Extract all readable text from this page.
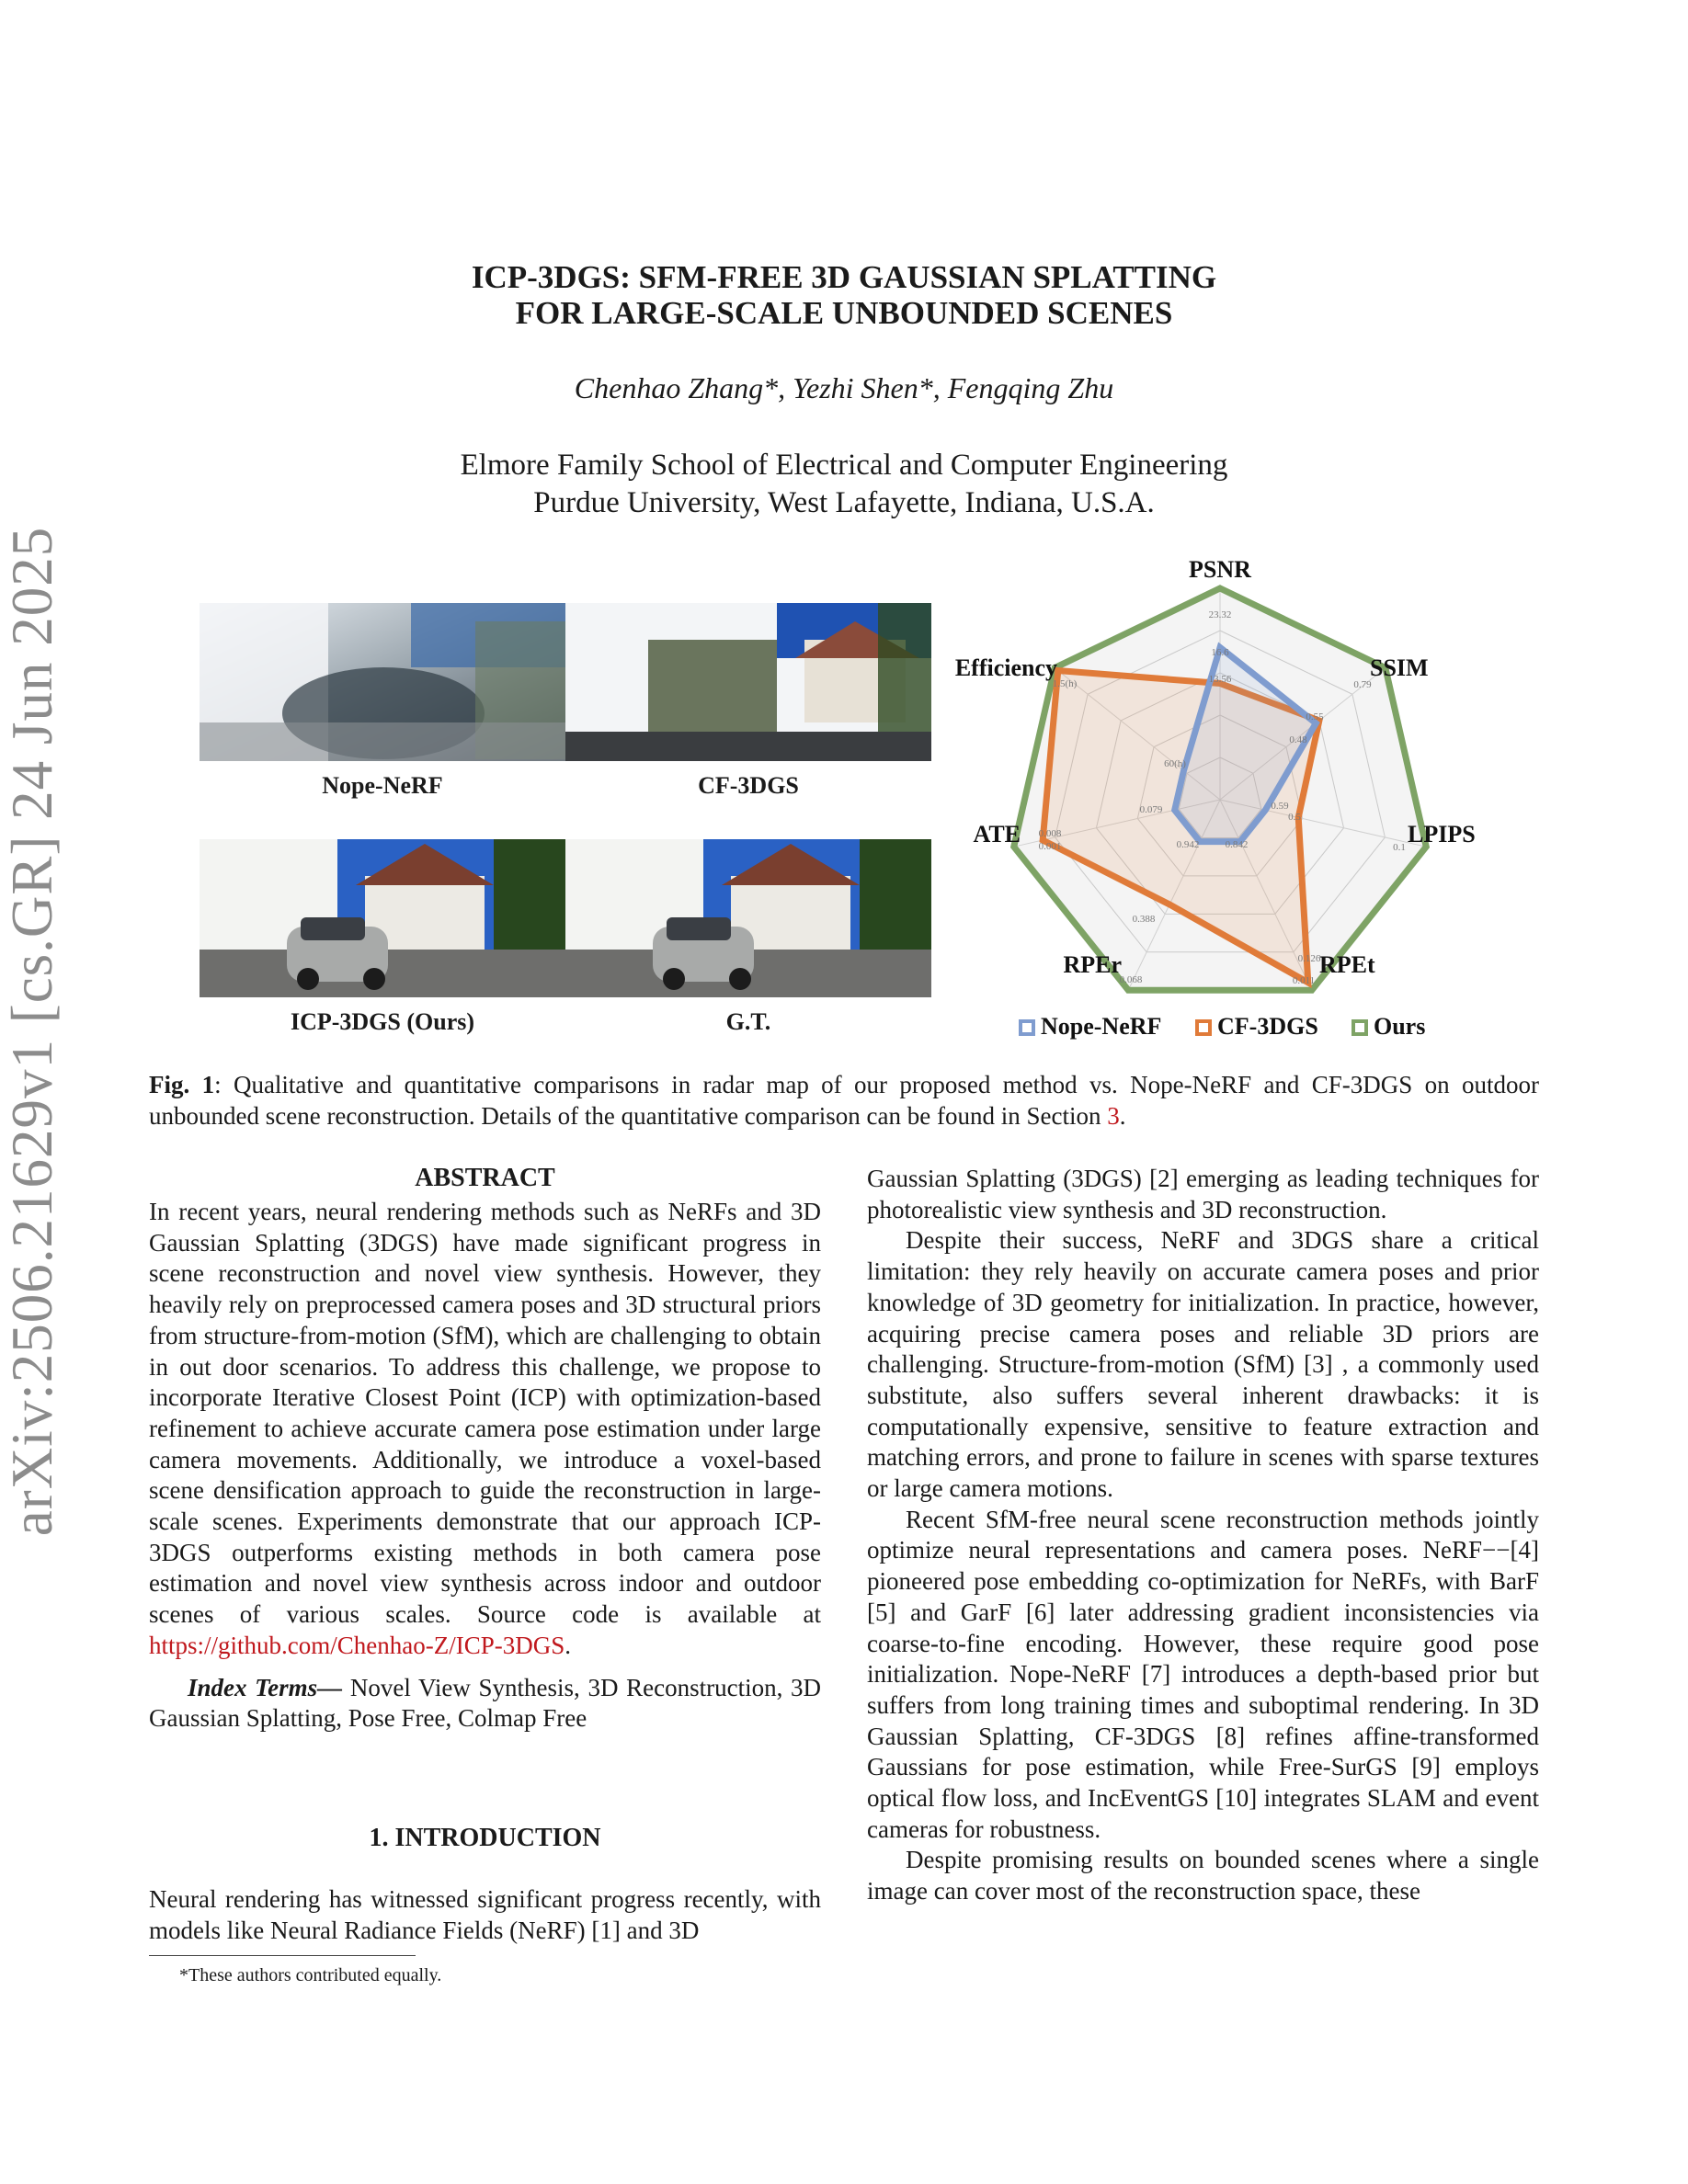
arXiv:2506.21629v1 [cs.GR] 24 Jun 2025
ICP-3DGS: SFM-FREE 3D GAUSSIAN SPLATTING
FOR LARGE-SCALE UNBOUNDED SCENES
Chenhao Zhang*, Yezhi Shen*, Fengqing Zhu
Elmore Family School of Electrical and Computer Engineering
Purdue University, West Lafayette, Indiana, U.S.A.
Nope-NeRF	CF-3DGS
ICP-3DGS (Ours)	G.T.
23.32
16.6
13.56	0.79
0.55
0.48
0.1
0.5
0.59
0.126
0.011
0.388
0.068
0.008
0.001
0.079
1.5(h)
60(h)
0.942	0.842
PSNR
SSIM
LPIPS
RPEt
RPEr
ATE
Efficiency
Nope-NeRF CF-3DGS Ours
Fig. 1: Qualitative and quantitative comparisons in radar map of our proposed method vs. Nope-NeRF and CF-3DGS on outdoor unbounded scene reconstruction. Details of the quantitative comparison can be found in Section 3.
ABSTRACT

In recent years, neural rendering methods such as NeRFs and 3D Gaussian Splatting (3DGS) have made significant progress in scene reconstruction and novel view synthesis. However, they heavily rely on preprocessed camera poses and 3D structural priors from structure-from-motion (SfM), which are challenging to obtain in out door scenarios. To address this challenge, we propose to incorporate Iterative Closest Point (ICP) with optimization-based refinement to achieve accurate camera pose estimation under large camera movements. Additionally, we introduce a voxel-based scene densification approach to guide the reconstruction in large-scale scenes. Experiments demonstrate that our approach ICP-3DGS outperforms existing methods in both camera pose estimation and novel view synthesis across indoor and outdoor scenes of various scales. Source code is available at https://github.com/Chenhao-Z/ICP-3DGS.

Index Terms— Novel View Synthesis, 3D Reconstruction, 3D Gaussian Splatting, Pose Free, Colmap Free

1. INTRODUCTION

Neural rendering has witnessed significant progress recently, with models like Neural Radiance Fields (NeRF) [1] and 3D

*These authors contributed equally.

Gaussian Splatting (3DGS) [2] emerging as leading techniques for photorealistic view synthesis and 3D reconstruction.

Despite their success, NeRF and 3DGS share a critical limitation: they rely heavily on accurate camera poses and prior knowledge of 3D geometry for initialization. In practice, however, acquiring precise camera poses and reliable 3D priors are challenging. Structure-from-motion (SfM) [3] , a commonly used substitute, also suffers several inherent drawbacks: it is computationally expensive, sensitive to feature extraction and matching errors, and prone to failure in scenes with sparse textures or large camera motions.

Recent SfM-free neural scene reconstruction methods jointly optimize neural representations and camera poses. NeRF−−[4] pioneered pose embedding co-optimization for NeRFs, with BarF [5] and GarF [6] later addressing gradient inconsistencies via coarse-to-fine encoding. However, these require good pose initialization. Nope-NeRF [7] introduces a depth-based prior but suffers from long training times and suboptimal rendering. In 3D Gaussian Splatting, CF-3DGS [8] refines affine-transformed Gaussians for pose estimation, while Free-SurGS [9] employs optical flow loss, and IncEventGS [10] integrates SLAM and event cameras for robustness.

Despite promising results on bounded scenes where a single image can cover most of the reconstruction space, these
